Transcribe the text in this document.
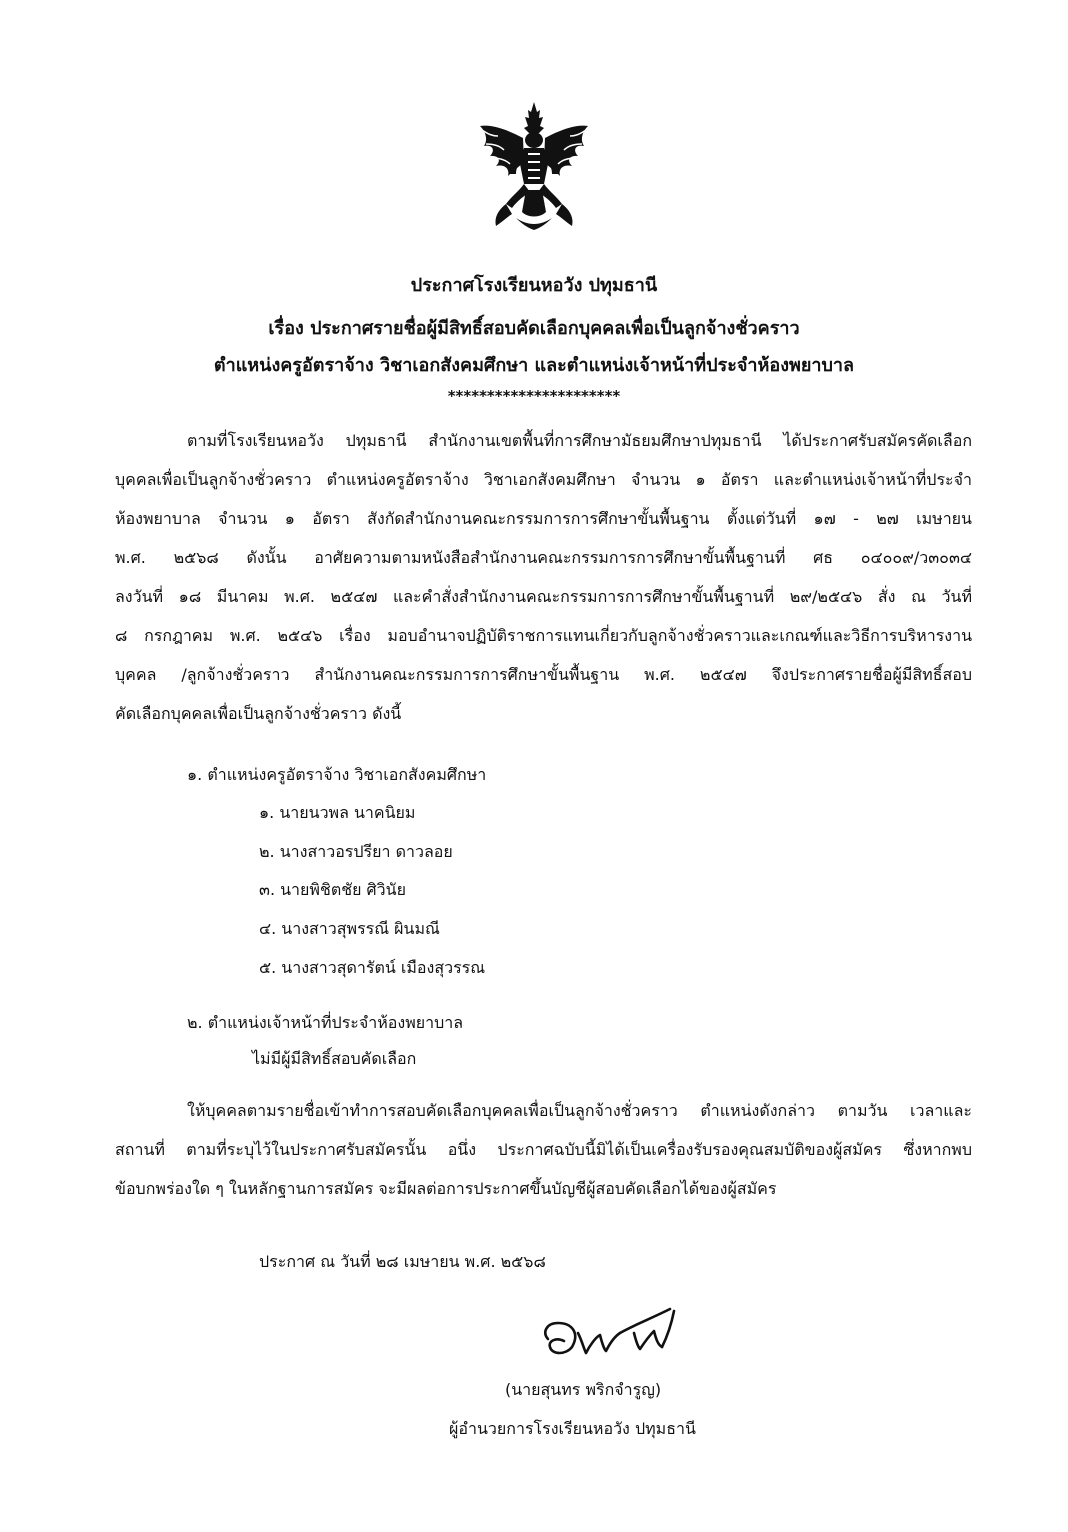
ประกาศโรงเรียนหอวัง ปทุมธานี
เรื่อง ประกาศรายชื่อผู้มีสิทธิ์สอบคัดเลือกบุคคลเพื่อเป็นลูกจ้างชั่วคราว
ตำแหน่งครูอัตราจ้าง วิชาเอกสังคมศึกษา และตำแหน่งเจ้าหน้าที่ประจำห้องพยาบาล
**********************
ตามที่โรงเรียนหอวัง ปทุมธานี สำนักงานเขตพื้นที่การศึกษามัธยมศึกษาปทุมธานี ได้ประกาศรับสมัครคัดเลือก
บุคคลเพื่อเป็นลูกจ้างชั่วคราว ตำแหน่งครูอัตราจ้าง วิชาเอกสังคมศึกษา จำนวน ๑ อัตรา และตำแหน่งเจ้าหน้าที่ประจำ
ห้องพยาบาล จำนวน ๑ อัตรา สังกัดสำนักงานคณะกรรมการการศึกษาขั้นพื้นฐาน ตั้งแต่วันที่ ๑๗ - ๒๗ เมษายน
พ.ศ. ๒๕๖๘ ดังนั้น อาศัยความตามหนังสือสำนักงานคณะกรรมการการศึกษาขั้นพื้นฐานที่ ศธ ๐๔๐๐๙/ว๓๐๓๔
ลงวันที่ ๑๘ มีนาคม พ.ศ. ๒๕๔๗ และคำสั่งสำนักงานคณะกรรมการการศึกษาขั้นพื้นฐานที่ ๒๙/๒๕๔๖ สั่ง ณ วันที่
๘ กรกฎาคม พ.ศ. ๒๕๔๖ เรื่อง มอบอำนาจปฏิบัติราชการแทนเกี่ยวกับลูกจ้างชั่วคราวและเกณฑ์และวิธีการบริหารงาน
บุคคล /ลูกจ้างชั่วคราว สำนักงานคณะกรรมการการศึกษาขั้นพื้นฐาน พ.ศ. ๒๕๔๗ จึงประกาศรายชื่อผู้มีสิทธิ์สอบ
คัดเลือกบุคคลเพื่อเป็นลูกจ้างชั่วคราว ดังนี้
๑. ตำแหน่งครูอัตราจ้าง วิชาเอกสังคมศึกษา
๑. นายนวพล นาคนิยม
๒. นางสาวอรปรียา ดาวลอย
๓. นายพิชิตชัย ศิวินัย
๔. นางสาวสุพรรณี ผินมณี
๕. นางสาวสุดารัตน์ เมืองสุวรรณ
๒. ตำแหน่งเจ้าหน้าที่ประจำห้องพยาบาล
ไม่มีผู้มีสิทธิ์สอบคัดเลือก
ให้บุคคลตามรายชื่อเข้าทำการสอบคัดเลือกบุคคลเพื่อเป็นลูกจ้างชั่วคราว ตำแหน่งดังกล่าว ตามวัน เวลาและ
สถานที่ ตามที่ระบุไว้ในประกาศรับสมัครนั้น อนึ่ง ประกาศฉบับนี้มิได้เป็นเครื่องรับรองคุณสมบัติของผู้สมัคร ซึ่งหากพบ
ข้อบกพร่องใด ๆ ในหลักฐานการสมัคร จะมีผลต่อการประกาศขึ้นบัญชีผู้สอบคัดเลือกได้ของผู้สมัคร
ประกาศ ณ วันที่ ๒๘ เมษายน พ.ศ. ๒๕๖๘
(นายสุนทร พริกจำรูญ)
ผู้อำนวยการโรงเรียนหอวัง ปทุมธานี
